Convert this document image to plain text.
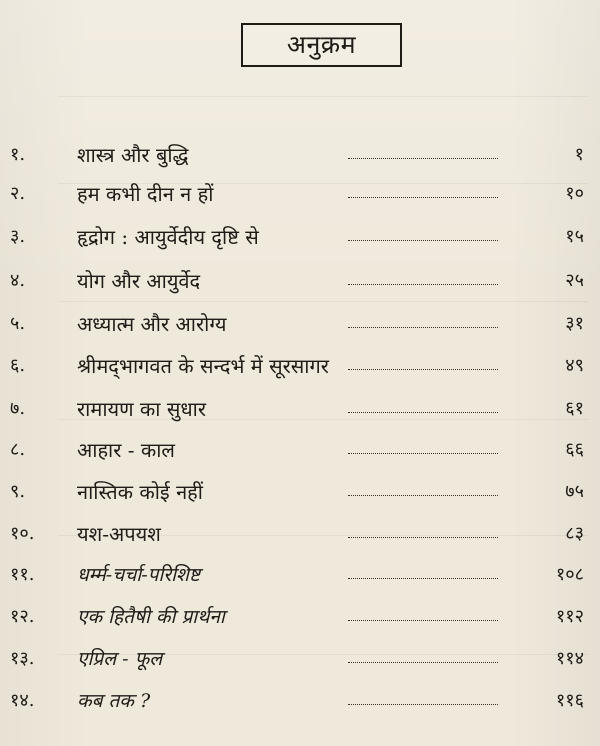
अनुक्रम
१.	शास्त्र और बुद्धि	१
२.	हम कभी दीन न हों	१०
३.	हृद्रोग : आयुर्वेदीय दृष्टि से	१५
४.	योग और आयुर्वेद	२५
५.	अध्यात्म और आरोग्य	३१
६.	श्रीमद्‌भागवत के सन्दर्भ में सूरसागर	४९
७.	रामायण का सुधार	६१
८.	आहार - काल	६६
९.	नास्तिक कोई नहीं	७५
१०.	यश-अपयश	८३
११.	धर्म्म-चर्चा-परिशिष्ट	१०८
१२.	एक हितैषी की प्रार्थना	११२
१३.	एप्रिल - फूल	११४
१४.	कब तक ?	११६
